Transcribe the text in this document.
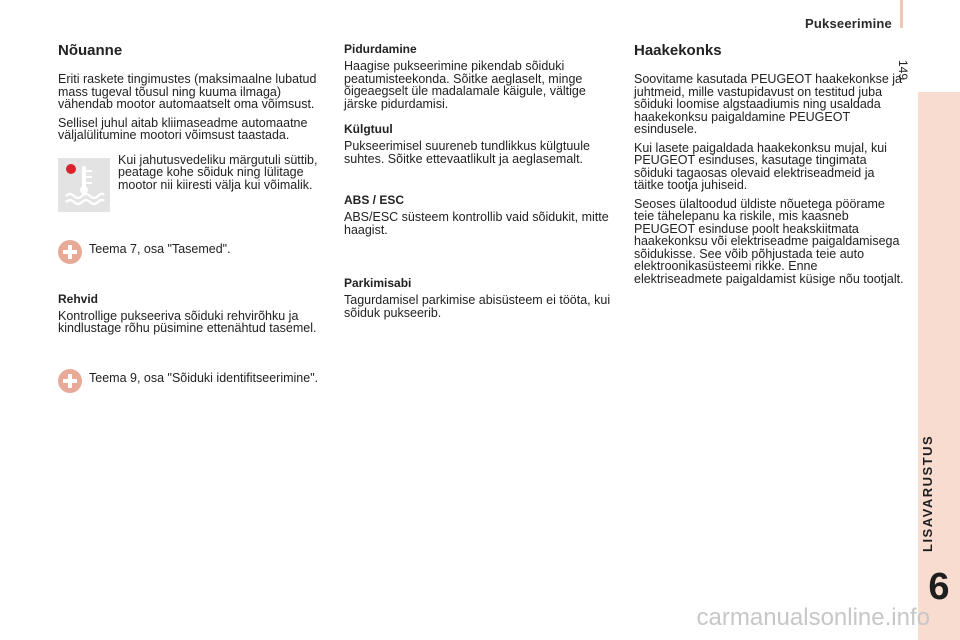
Pukseerimine
149
LISAVARUSTUS
6
Nõuanne

Eriti raskete tingimustes (maksimaalne lubatud mass tugeval tõusul ning kuuma ilmaga) vähendab mootor automaatselt oma võimsust.

Sellisel juhul aitab kliimaseadme automaatne väljalülitumine mootori võimsust taastada.

Kui jahutusvedeliku märgutuli süttib, peatage kohe sõiduk ning lülitage mootor nii kiiresti välja kui võimalik.

Teema 7, osa "Tasemed".

Rehvid

Kontrollige pukseeriva sõiduki rehvirõhku ja kindlustage rõhu püsimine ettenähtud tasemel.

Teema 9, osa "Sõiduki identifitseerimine".

Pidurdamine

Haagise pukseerimine pikendab sõiduki peatumisteekonda. Sõitke aeglaselt, minge õigeaegselt üle madalamale käigule, vältige järske pidurdamisi.

Külgtuul

Pukseerimisel suureneb tundlikkus külgtuule suhtes. Sõitke ettevaatlikult ja aeglasemalt.

ABS / ESC

ABS/ESC süsteem kontrollib vaid sõidukit, mitte haagist.

Parkimisabi

Tagurdamisel parkimise abisüsteem ei tööta, kui sõiduk pukseerib.

Haakekonks

Soovitame kasutada PEUGEOT haakekonkse ja juhtmeid, mille vastupidavust on testitud juba sõiduki loomise algstaadiumis ning usaldada haakekonksu paigaldamine PEUGEOT esindusele.

Kui lasete paigaldada haakekonksu mujal, kui PEUGEOT esinduses, kasutage tingimata sõiduki tagaosas olevaid elektriseadmeid ja täitke tootja juhiseid.

Seoses ülaltoodud üldiste nõuetega pöörame teie tähelepanu ka riskile, mis kaasneb PEUGEOT esinduse poolt heakskiitmata haakekonksu või elektriseadme paigaldamisega sõidukisse. See võib põhjustada teie auto elektroonikasüsteemi rikke. Enne elektriseadmete paigaldamist küsige nõu tootjalt.

carmanualsonline.info
